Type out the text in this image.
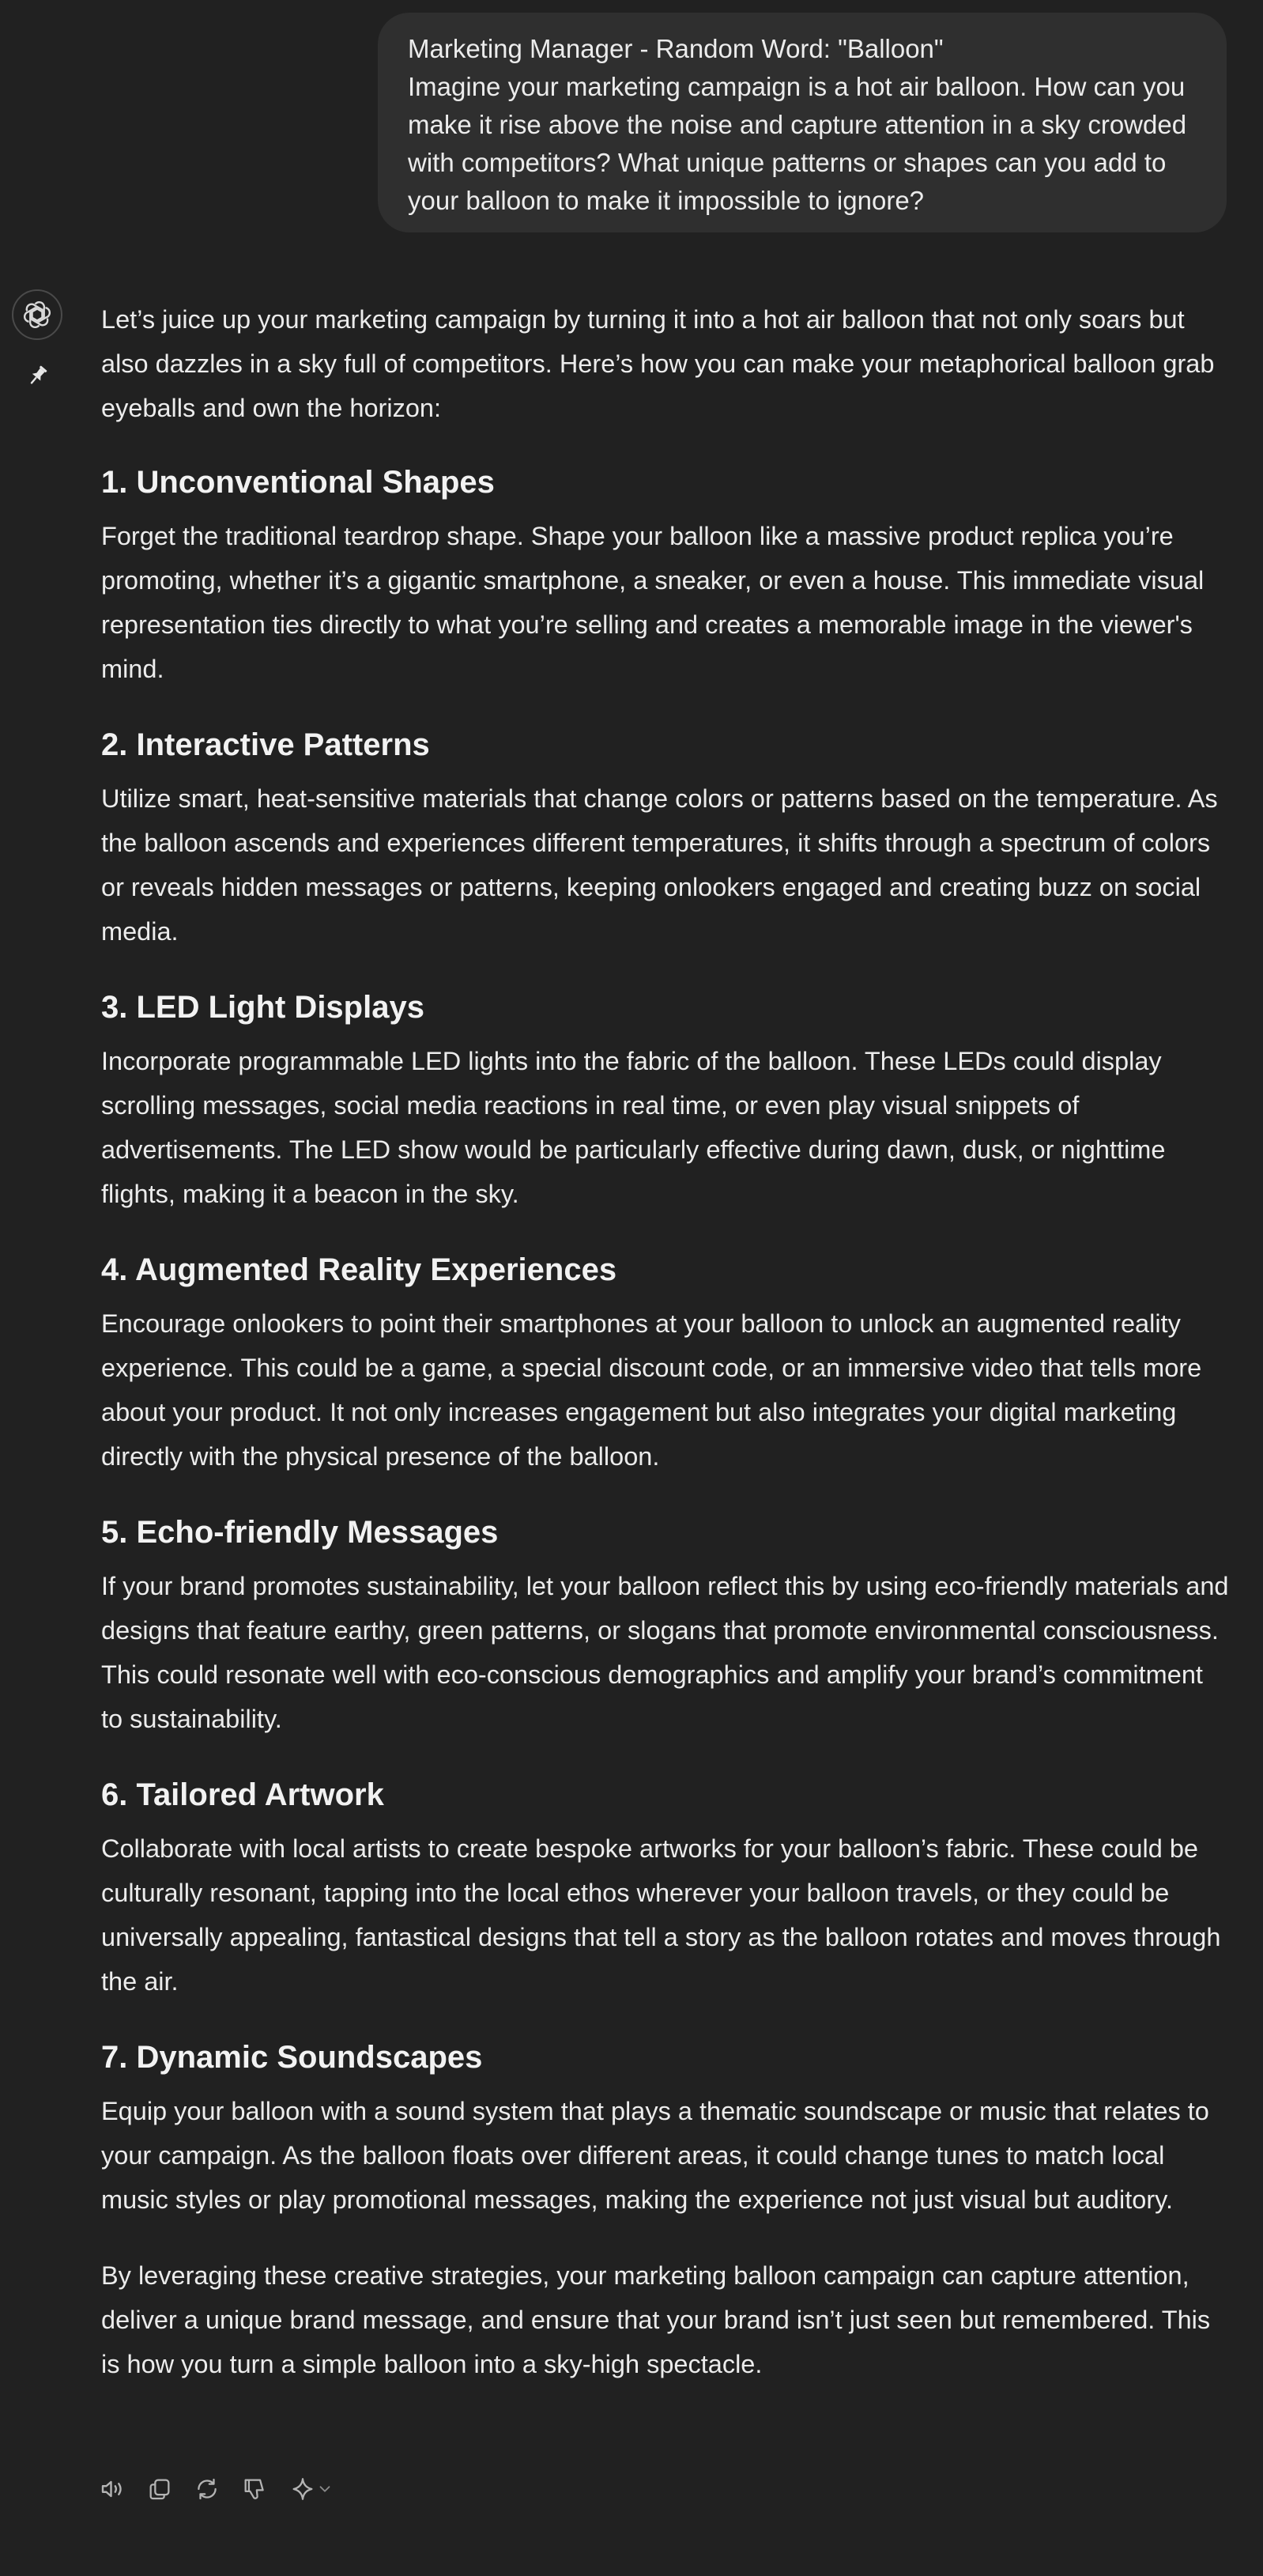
Marketing Manager - Random Word: "Balloon"
Imagine your marketing campaign is a hot air balloon. How can you
make it rise above the noise and capture attention in a sky crowded
with competitors? What unique patterns or shapes can you add to
your balloon to make it impossible to ignore?

Let’s juice up your marketing campaign by turning it into a hot air balloon that not only soars but also dazzles in a sky full of competitors. Here’s how you can make your metaphorical balloon grab eyeballs and own the horizon:

1. Unconventional Shapes

Forget the traditional teardrop shape. Shape your balloon like a massive product replica you’re promoting, whether it’s a gigantic smartphone, a sneaker, or even a house. This immediate visual representation ties directly to what you’re selling and creates a memorable image in the viewer's mind.

2. Interactive Patterns

Utilize smart, heat-sensitive materials that change colors or patterns based on the temperature. As the balloon ascends and experiences different temperatures, it shifts through a spectrum of colors or reveals hidden messages or patterns, keeping onlookers engaged and creating buzz on social media.

3. LED Light Displays

Incorporate programmable LED lights into the fabric of the balloon. These LEDs could display scrolling messages, social media reactions in real time, or even play visual snippets of advertisements. The LED show would be particularly effective during dawn, dusk, or nighttime flights, making it a beacon in the sky.

4. Augmented Reality Experiences

Encourage onlookers to point their smartphones at your balloon to unlock an augmented reality experience. This could be a game, a special discount code, or an immersive video that tells more about your product. It not only increases engagement but also integrates your digital marketing directly with the physical presence of the balloon.

5. Echo-friendly Messages

If your brand promotes sustainability, let your balloon reflect this by using eco-friendly materials and designs that feature earthy, green patterns, or slogans that promote environmental consciousness. This could resonate well with eco-conscious demographics and amplify your brand’s commitment to sustainability.

6. Tailored Artwork

Collaborate with local artists to create bespoke artworks for your balloon’s fabric. These could be culturally resonant, tapping into the local ethos wherever your balloon travels, or they could be universally appealing, fantastical designs that tell a story as the balloon rotates and moves through the air.

7. Dynamic Soundscapes

Equip your balloon with a sound system that plays a thematic soundscape or music that relates to your campaign. As the balloon floats over different areas, it could change tunes to match local music styles or play promotional messages, making the experience not just visual but auditory.

By leveraging these creative strategies, your marketing balloon campaign can capture attention, deliver a unique brand message, and ensure that your brand isn’t just seen but remembered. This is how you turn a simple balloon into a sky-high spectacle.
